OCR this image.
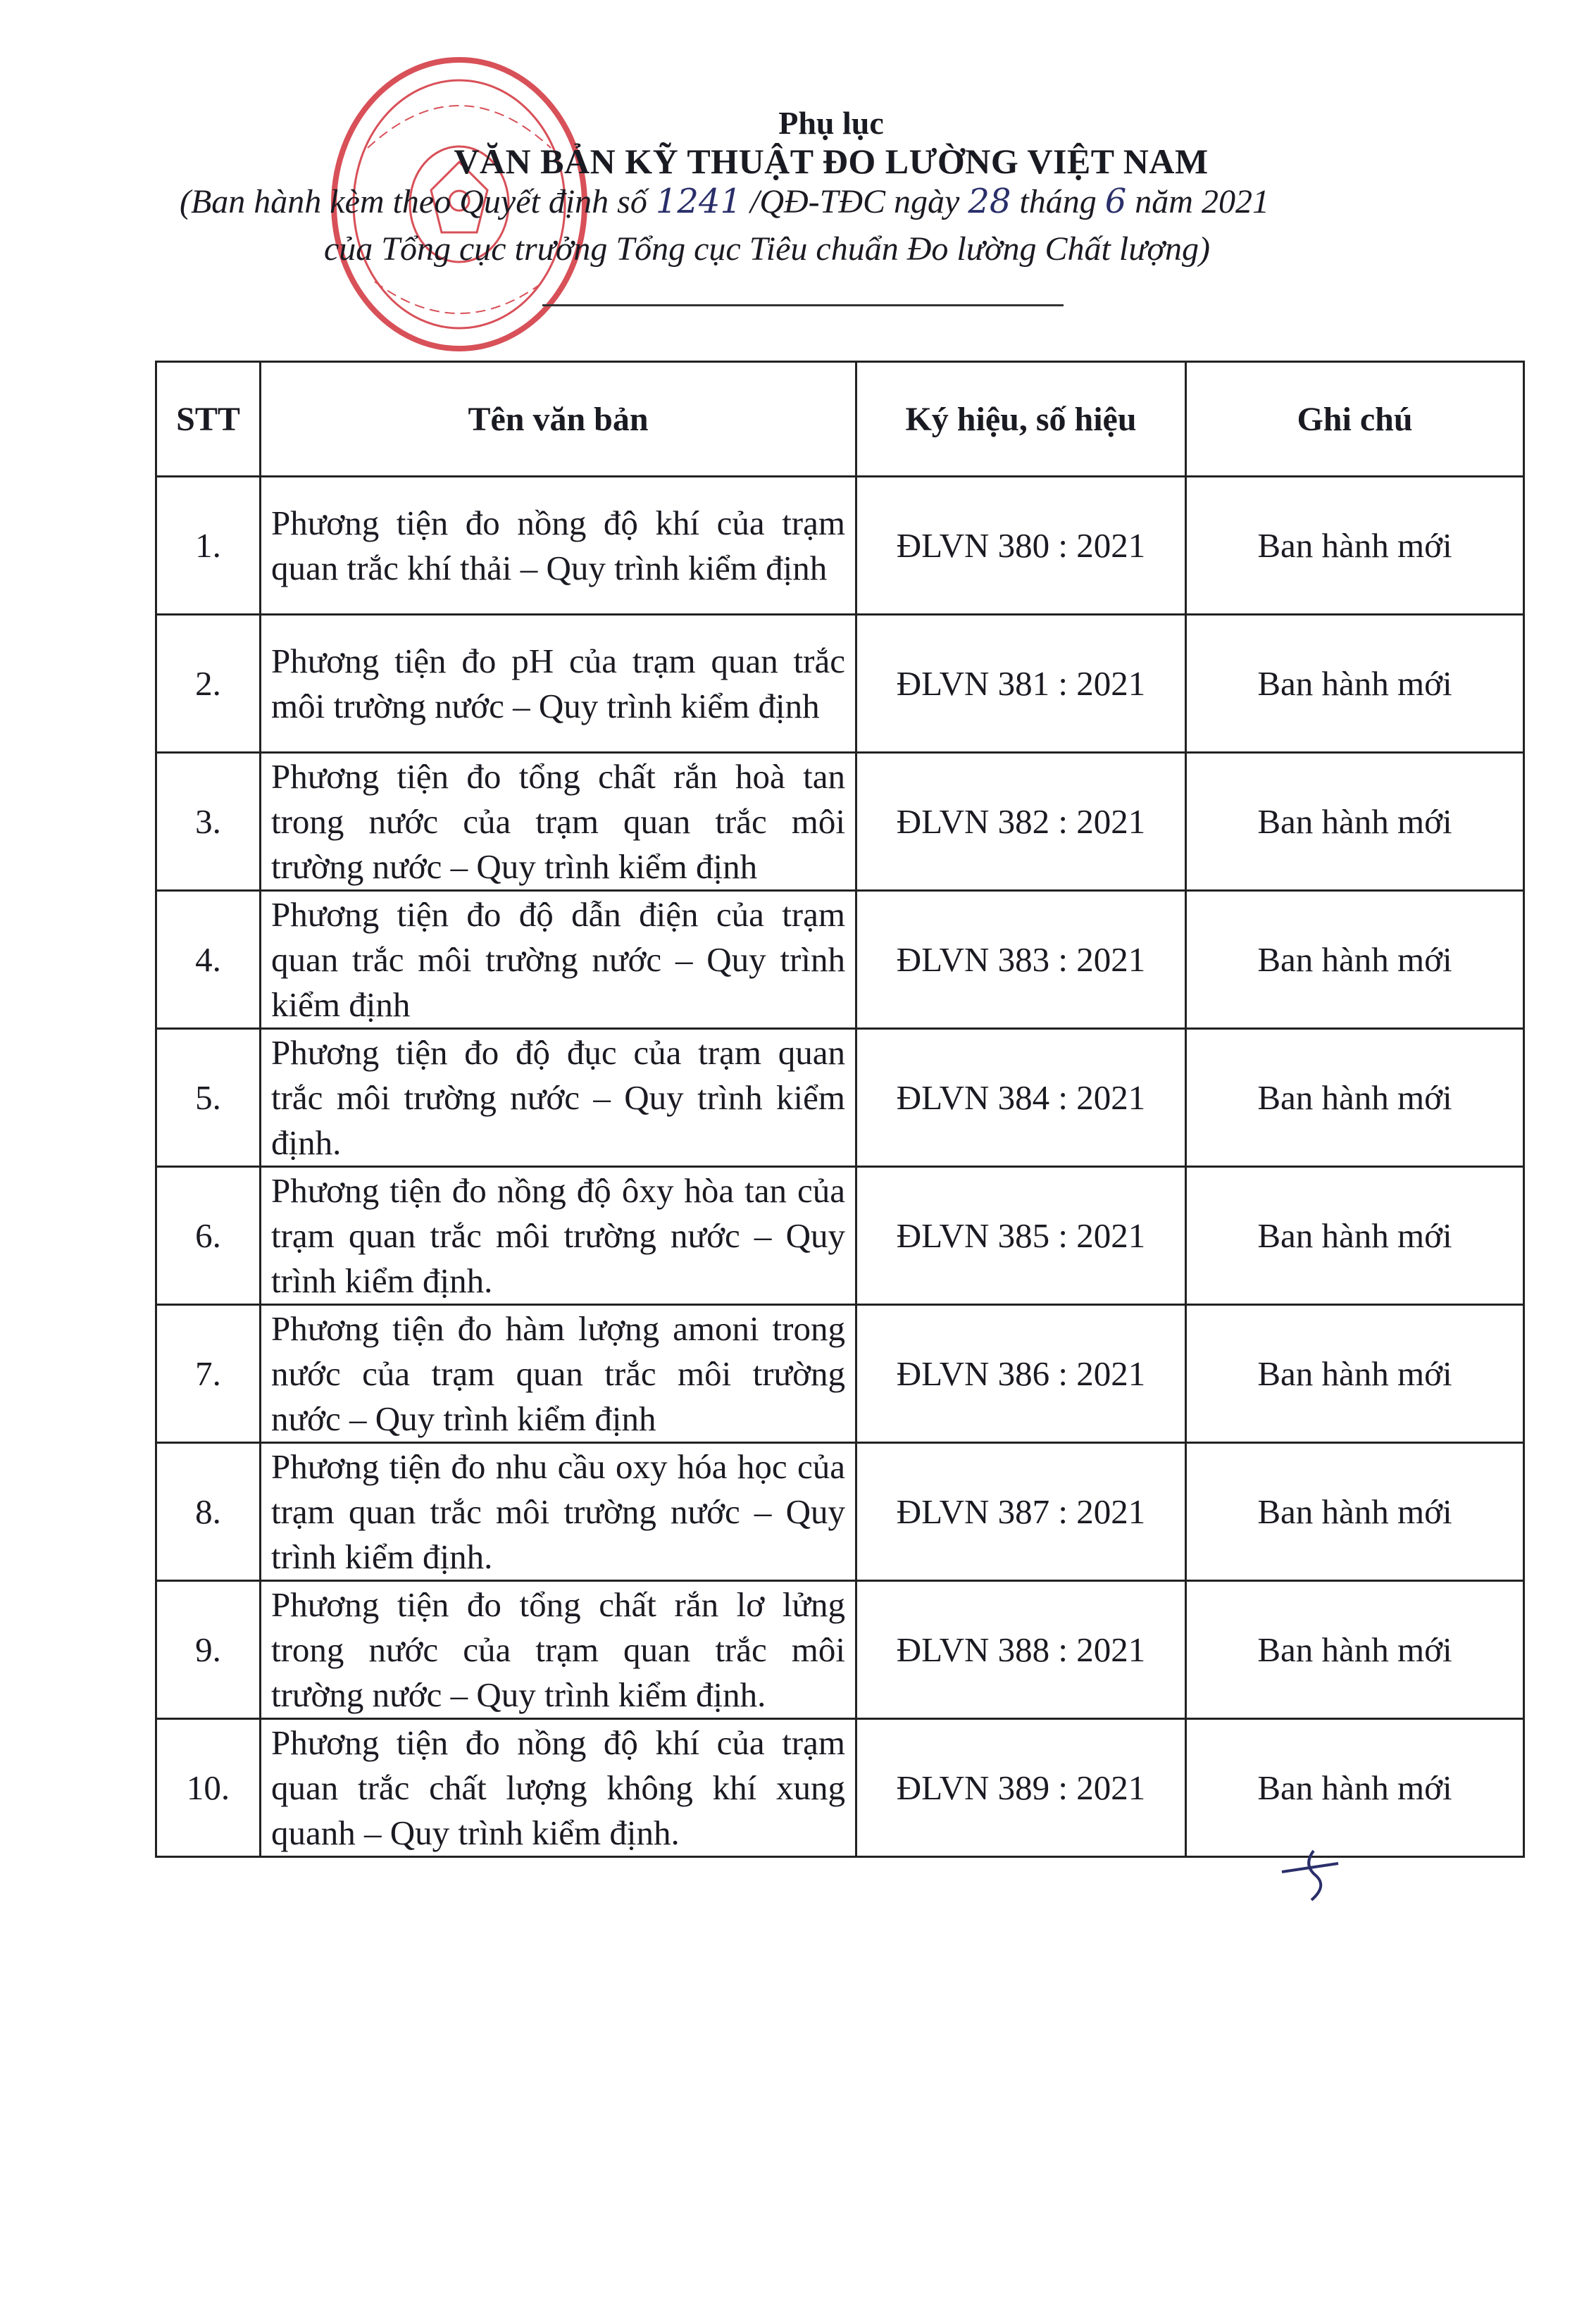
Phụ lục
VĂN BẢN KỸ THUẬT ĐO LƯỜNG VIỆT NAM
(Ban hành kèm theo Quyết định số 1241 /QĐ-TĐC ngày 28 tháng 6 năm 2021
của Tổng cục trưởng Tổng cục Tiêu chuẩn Đo lường Chất lượng)
STT	Tên văn bản	Ký hiệu, số hiệu	Ghi chú
1.	Phương tiện đo nồng độ khí của trạm quan trắc khí thải – Quy trình kiểm định	ĐLVN 380 : 2021	Ban hành mới
2.	Phương tiện đo pH của trạm quan trắc môi trường nước – Quy trình kiểm định	ĐLVN 381 : 2021	Ban hành mới
3.	Phương tiện đo tổng chất rắn hoà tan trong nước của trạm quan trắc môi trường nước – Quy trình kiểm định	ĐLVN 382 : 2021	Ban hành mới
4.	Phương tiện đo độ dẫn điện của trạm quan trắc môi trường nước – Quy trình kiểm định	ĐLVN 383 : 2021	Ban hành mới
5.	Phương tiện đo độ đục của trạm quan trắc môi trường nước – Quy trình kiểm định.	ĐLVN 384 : 2021	Ban hành mới
6.	Phương tiện đo nồng độ ôxy hòa tan của trạm quan trắc môi trường nước – Quy trình kiểm định.	ĐLVN 385 : 2021	Ban hành mới
7.	Phương tiện đo hàm lượng amoni trong nước của trạm quan trắc môi trường nước – Quy trình kiểm định	ĐLVN 386 : 2021	Ban hành mới
8.	Phương tiện đo nhu cầu oxy hóa học của trạm quan trắc môi trường nước – Quy trình kiểm định.	ĐLVN 387 : 2021	Ban hành mới
9.	Phương tiện đo tổng chất rắn lơ lửng trong nước của trạm quan trắc môi trường nước – Quy trình kiểm định.	ĐLVN 388 : 2021	Ban hành mới
10.	Phương tiện đo nồng độ khí của trạm quan trắc chất lượng không khí xung quanh – Quy trình kiểm định.	ĐLVN 389 : 2021	Ban hành mới
